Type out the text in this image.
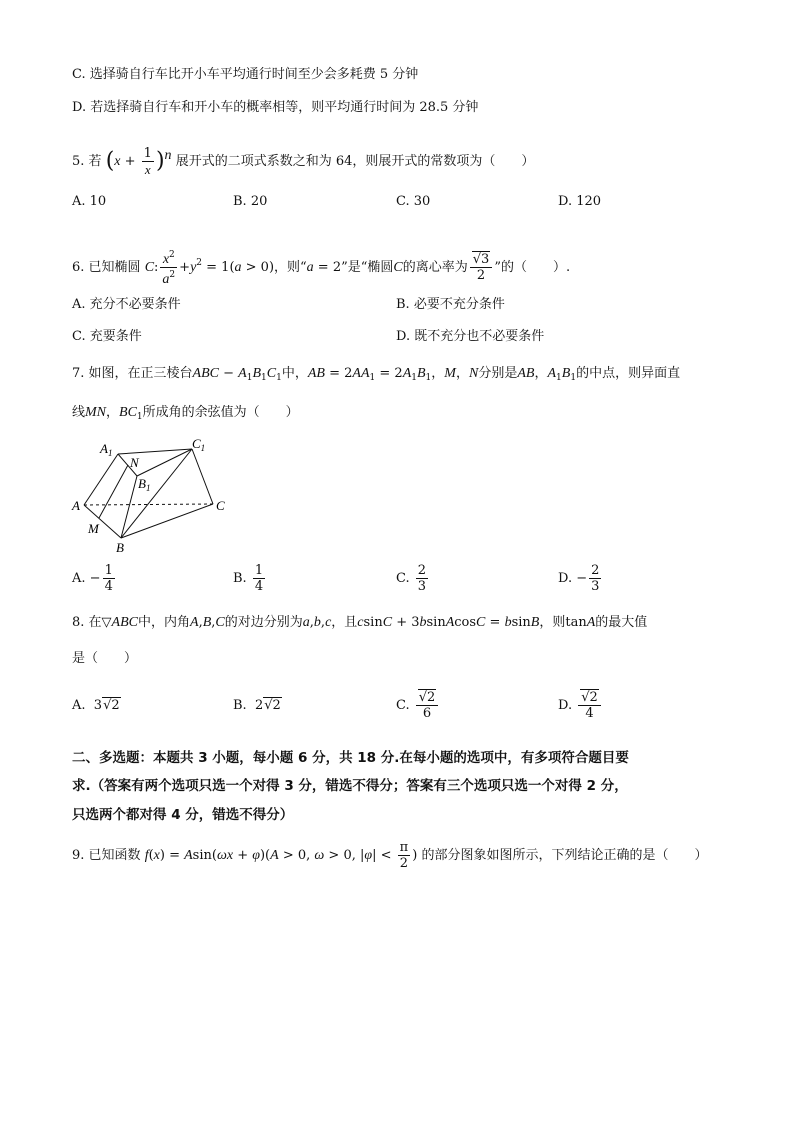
C. 选择骑自行车比开小车平均通行时间至少会多耗费 5 分钟
D. 若选择骑自行车和开小车的概率相等，则平均通行时间为 28.5 分钟
5. 若 $(x + \frac{1}{x} )^n$ 展开式的二项式系数之和为 64，则展开式的常数项为（　　）
A. 10	B. 20	C. 30	D. 120
6. 已知椭圆 C: $\frac{x^2}{a^2} +y^2 = 1(a > 0)$，则“a = 2”是“椭圆C的离心率为 $\frac{√3}{2}$ ”的（　　）.
A. 充分不必要条件	B. 必要不充分条件
C. 充要条件	D. 既不充分也不必要条件
7. 如图，在正三棱台ABC − $A_1B_1C_1$中，AB = $2AA_1 = 2A_1B_1$，M，N分别是AB，$A_1B_1$的中点，则异面直
线MN，$BC_1$所成角的余弦值为（　　）
$A_1$
N
$C_1$
$B_1$
A	C
M
B
A. − $\frac{1}{4}$	B. $\frac{1}{4}$	C. $\frac{2}{3}$	D. − $\frac{2}{3}$
8. 在▽ABC中，内角A,B,C的对边分别为a,b,c，且csinC + 3bsinAcosC = bsinB，则tanA的最大值
是（　　）
A.  3√2	B.  2√2	C. $\frac{√2}{6}$	D. $\frac{√2}{4}$
二、多选题：本题共 3 小题，每小题 6 分，共 18 分.在每小题的选项中，有多项符合题目要
求.（答案有两个选项只选一个对得 3 分，错选不得分；答案有三个选项只选一个对得 2 分，
只选两个都对得 4 分，错选不得分）
9. 已知函数 f(x) = Asin(ωx + φ)(A > 0, ω > 0, $|\varphi| < \frac{\pi}{2}$ ) 的部分图象如图所示，下列结论正确的是（　　）
